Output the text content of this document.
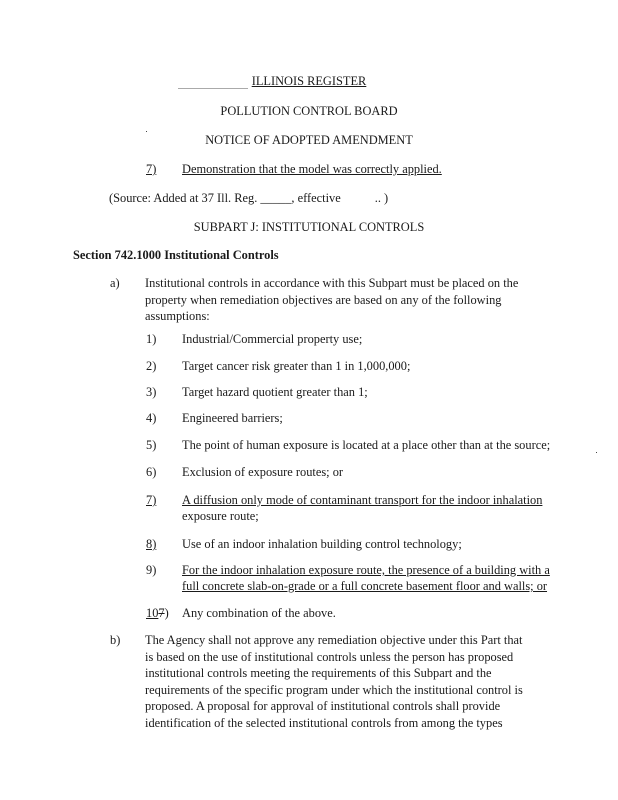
ILLINOIS REGISTER
POLLUTION CONTROL BOARD
NOTICE OF ADOPTED AMENDMENT
7) Demonstration that the model was correctly applied.
(Source: Added at 37 Ill. Reg. _____, effective	.. )
SUBPART J: INSTITUTIONAL CONTROLS
Section 742.1000 Institutional Controls
a) Institutional controls in accordance with this Subpart must be placed on the property when remediation objectives are based on any of the following assumptions:
1) Industrial/Commercial property use;
2) Target cancer risk greater than 1 in 1,000,000;
3) Target hazard quotient greater than 1;
4) Engineered barriers;
5) The point of human exposure is located at a place other than at the source;
6) Exclusion of exposure routes; or
7) A diffusion only mode of contaminant transport for the indoor inhalation
exposure route;
8) Use of an indoor inhalation building control technology;
9) For the indoor inhalation exposure route, the presence of a building with a
full concrete slab-on-grade or a full concrete basement floor and walls; or
107) Any combination of the above.
b) The Agency shall not approve any remediation objective under this Part that is based on the use of institutional controls unless the person has proposed institutional controls meeting the requirements of this Subpart and the requirements of the specific program under which the institutional control is proposed. A proposal for approval of institutional controls shall provide identification of the selected institutional controls from among the types
